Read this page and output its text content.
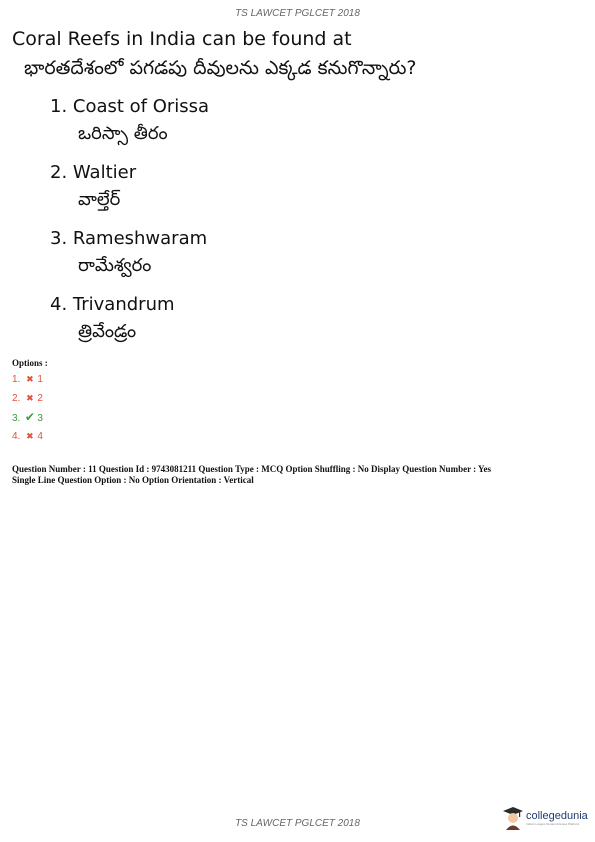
TS LAWCET PGLCET 2018
Coral Reefs in India can be found at
భారతదేశంలో పగడపు దీవులను ఎక్కడ కనుగొన్నారు?
1. Coast of Orissa
ఒరిస్సా తీరం
2. Waltier
వాల్తేర్
3. Rameshwaram
రామేశ్వరం
4. Trivandrum
త్రివేండ్రం
Options :
1. ✖ 1
2. ✖ 2
3. ✔ 3
4. ✖ 4
Question Number : 11 Question Id : 9743081211 Question Type : MCQ Option Shuffling : No Display Question Number : Yes
Single Line Question Option : No Option Orientation : Vertical
TS LAWCET PGLCET 2018
collegedunia
India's Largest Student Review Platform
